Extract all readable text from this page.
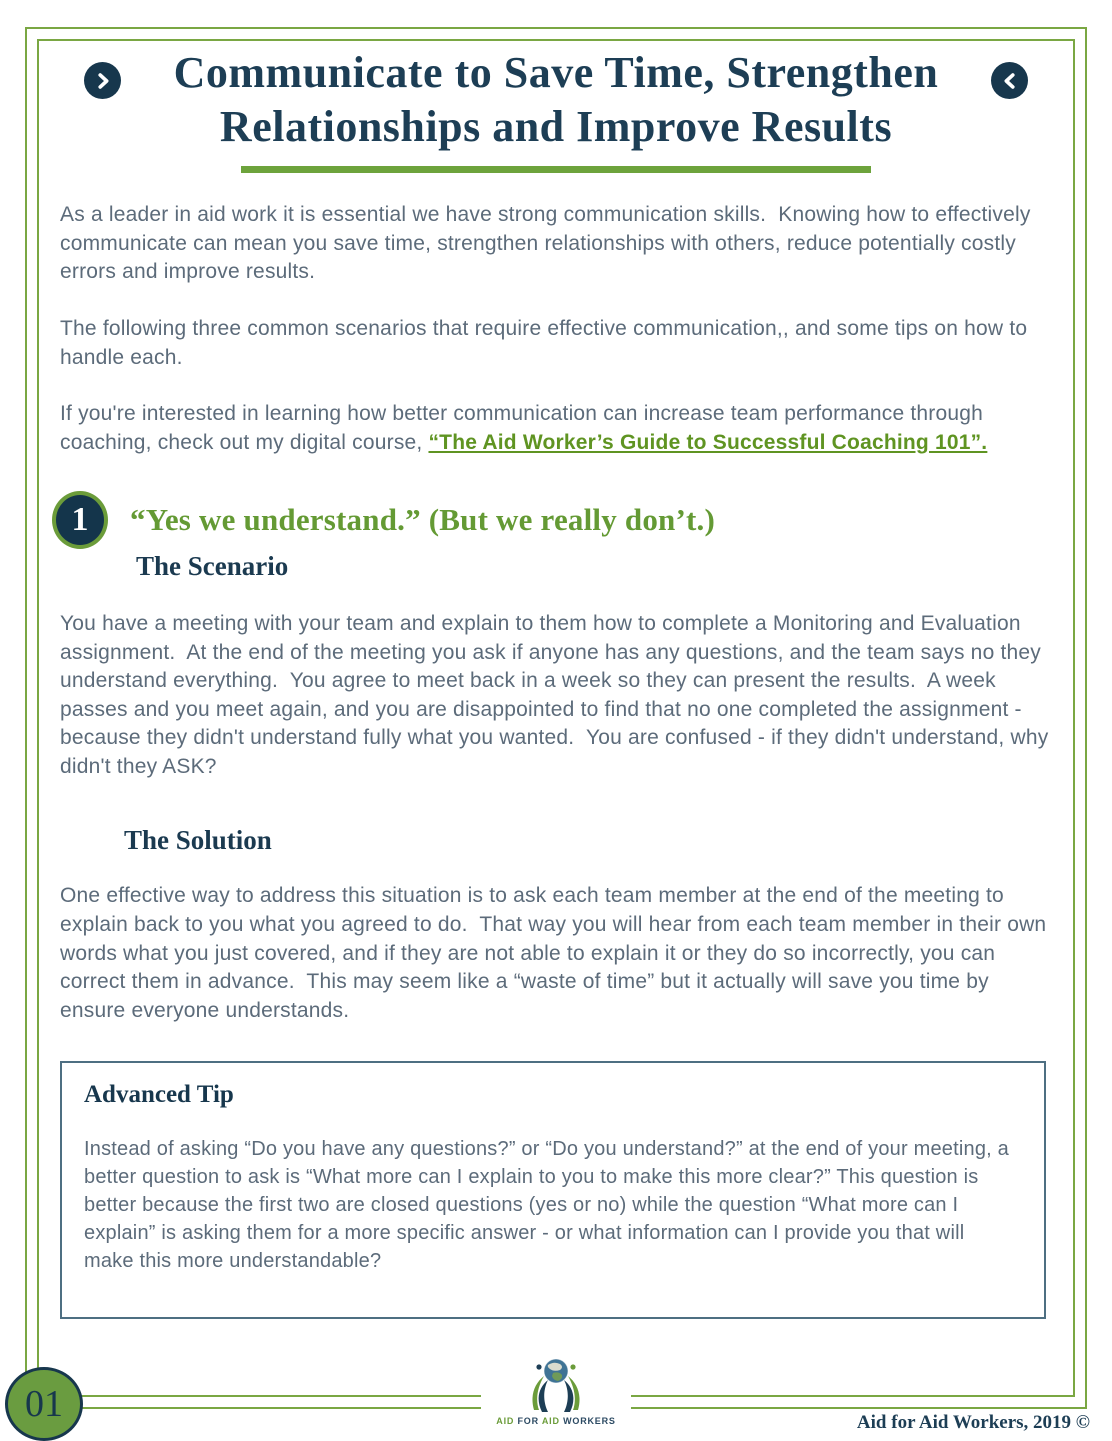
Communicate to Save Time, Strengthen
Relationships and Improve Results

As a leader in aid work it is essential we have strong communication skills.  Knowing how to effectively communicate can mean you save time, strengthen relationships with others, reduce potentially costly errors and improve results.

The following three common scenarios that require effective communication,, and some tips on how to handle each.

If you're interested in learning how better communication can increase team performance through coaching, check out my digital course, “The Aid Worker’s Guide to Successful Coaching 101”.

1	“Yes we understand.” (But we really don’t.)
The Scenario

You have a meeting with your team and explain to them how to complete a Monitoring and Evaluation assignment.  At the end of the meeting you ask if anyone has any questions, and the team says no they understand everything.  You agree to meet back in a week so they can present the results.  A week passes and you meet again, and you are disappointed to find that no one completed the assignment - because they didn't understand fully what you wanted.  You are confused - if they didn't understand, why didn't they ASK?

The Solution

One effective way to address this situation is to ask each team member at the end of the meeting to explain back to you what you agreed to do.  That way you will hear from each team member in their own words what you just covered, and if they are not able to explain it or they do so incorrectly, you can correct them in advance.  This may seem like a “waste of time” but it actually will save you time by ensure everyone understands.

Advanced Tip

Instead of asking “Do you have any questions?” or “Do you understand?” at the end of your meeting, a better question to ask is “What more can I explain to you to make this more clear?” This question is better because the first two are closed questions (yes or no) while the question “What more can I explain” is asking them for a more specific answer - or what information can I provide you that will make this more understandable?

01	AID FOR AID WORKERS	Aid for Aid Workers, 2019 ©
